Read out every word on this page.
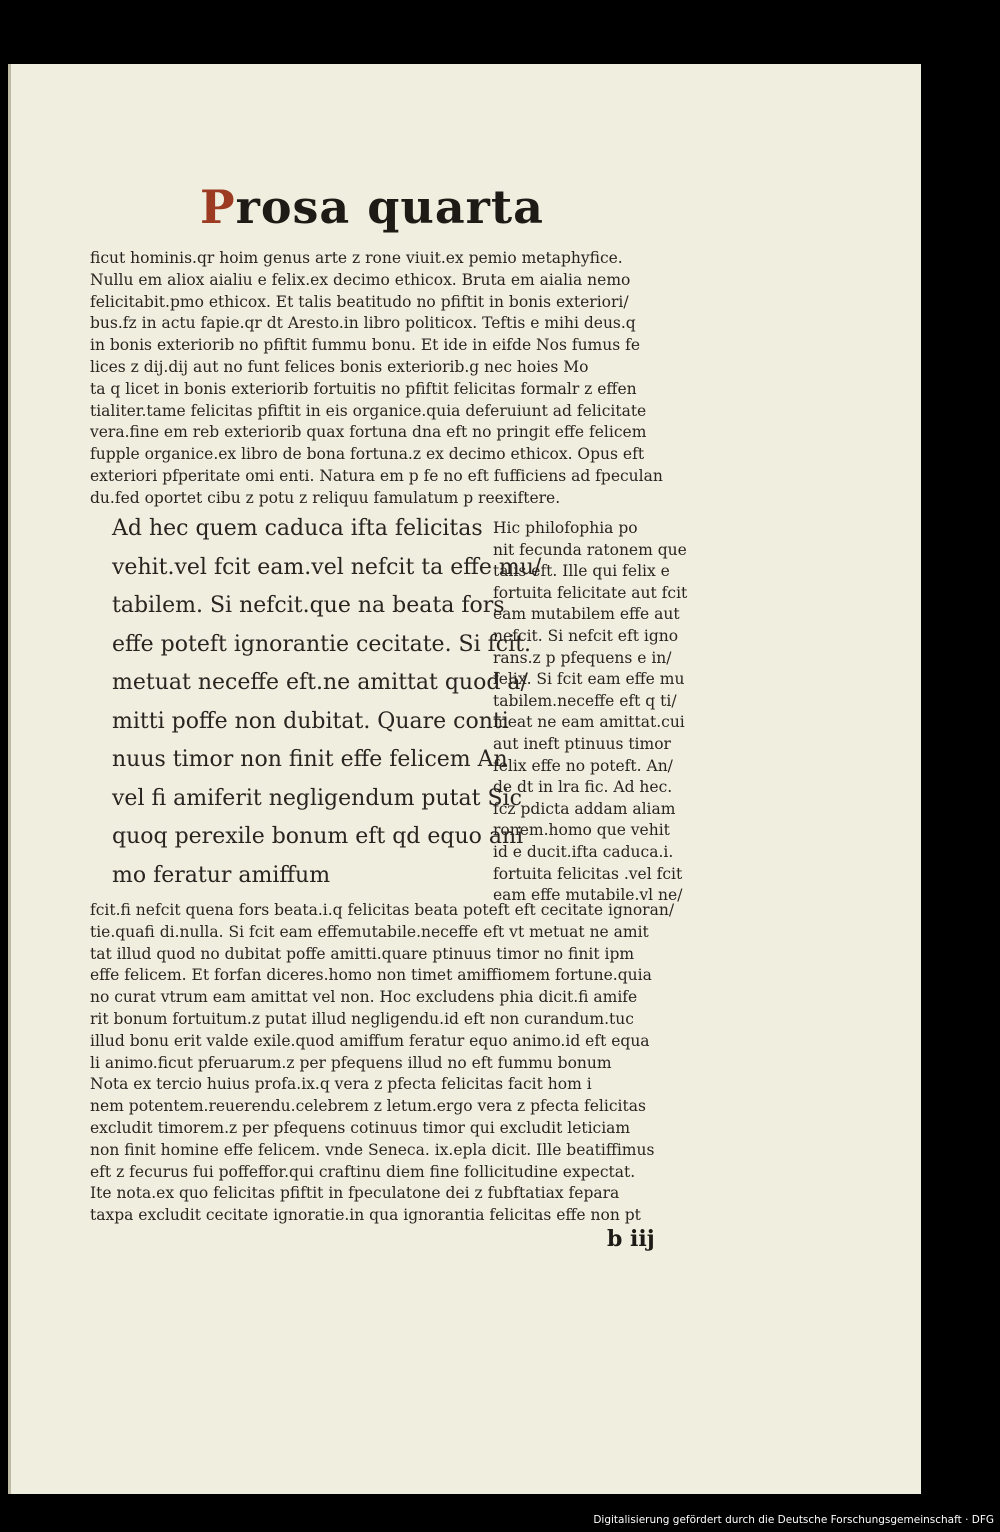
Prosa quarta
ficut hominis.qr hoim genus arte z rone viuit.ex pemio metaphyfice.
Nullu em aliox aialiu e felix.ex decimo ethicox. Bruta em aialia nemo
felicitabit.pmo ethicox. Et talis beatitudo no pfiftit in bonis exteriori/
bus.fz in actu fapie.qr dt Aresto.in libro politicox. Teftis e mihi deus.q
in bonis exteriorib no pfiftit fummu bonu. Et ide in eifde Nos fumus fe
lices z dij.dij aut no funt felices bonis exteriorib.g nec hoies Mo
ta q licet in bonis exteriorib fortuitis no pfiftit felicitas formalr z effen
tialiter.tame felicitas pfiftit in eis organice.quia deferuiunt ad felicitate
vera.fine em reb exteriorib quax fortuna dna eft no pringit effe felicem
fupple organice.ex libro de bona fortuna.z ex decimo ethicox. Opus eft
exteriori pfperitate omi enti. Natura em p fe no eft fufficiens ad fpeculan
du.fed oportet cibu z potu z reliquu famulatum p reexiftere.
Ad hec quem caduca ifta felicitas
vehit.vel fcit eam.vel nefcit ta effe mu/
tabilem. Si nefcit.que na beata fors
effe poteft ignorantie cecitate. Si fcit.
metuat neceffe eft.ne amittat quod a/
mitti poffe non dubitat. Quare conti
nuus timor non finit effe felicem An
vel fi amiferit negligendum putat Sic
quoq perexile bonum eft qd equo ani
mo feratur amiffum
Hic philofophia po
nit fecunda ratonem que
talis eft. Ille qui felix e
fortuita felicitate aut fcit
eam mutabilem effe aut
nefcit. Si nefcit eft igno
rans.z p pfequens e in/
felix. Si fcit eam effe mu
tabilem.neceffe eft q ti/
meat ne eam amittat.cui
aut ineft ptinuus timor
felix effe no poteft. An/
de dt in lra fic. Ad hec.
fcz pdicta addam aliam
ronem.homo que vehit
id e ducit.ifta caduca.i.
fortuita felicitas .vel fcit
eam effe mutabile.vl ne/
fcit.fi nefcit quena fors beata.i.q felicitas beata poteft eft cecitate ignoran/
tie.quafi di.nulla. Si fcit eam effemutabile.neceffe eft vt metuat ne amit
tat illud quod no dubitat poffe amitti.quare ptinuus timor no finit ipm
effe felicem. Et forfan diceres.homo non timet amiffiomem fortune.quia
no curat vtrum eam amittat vel non. Hoc excludens phia dicit.fi amife
rit bonum fortuitum.z putat illud negligendu.id eft non curandum.tuc
illud bonu erit valde exile.quod amiffum feratur equo animo.id eft equa
li animo.ficut pferuarum.z per pfequens illud no eft fummu bonum
Nota ex tercio huius profa.ix.q vera z pfecta felicitas facit hom i
nem potentem.reuerendu.celebrem z letum.ergo vera z pfecta felicitas
excludit timorem.z per pfequens cotinuus timor qui excludit leticiam
non finit homine effe felicem. vnde Seneca. ix.epla dicit. Ille beatiffimus
eft z fecurus fui poffeffor.qui craftinu diem fine follicitudine expectat.
Ite nota.ex quo felicitas pfiftit in fpeculatone dei z fubftatiax fepara
taxpa excludit cecitate ignoratie.in qua ignorantia felicitas effe non pt
b iij
Digitalisierung gefördert durch die Deutsche Forschungsgemeinschaft · DFG
